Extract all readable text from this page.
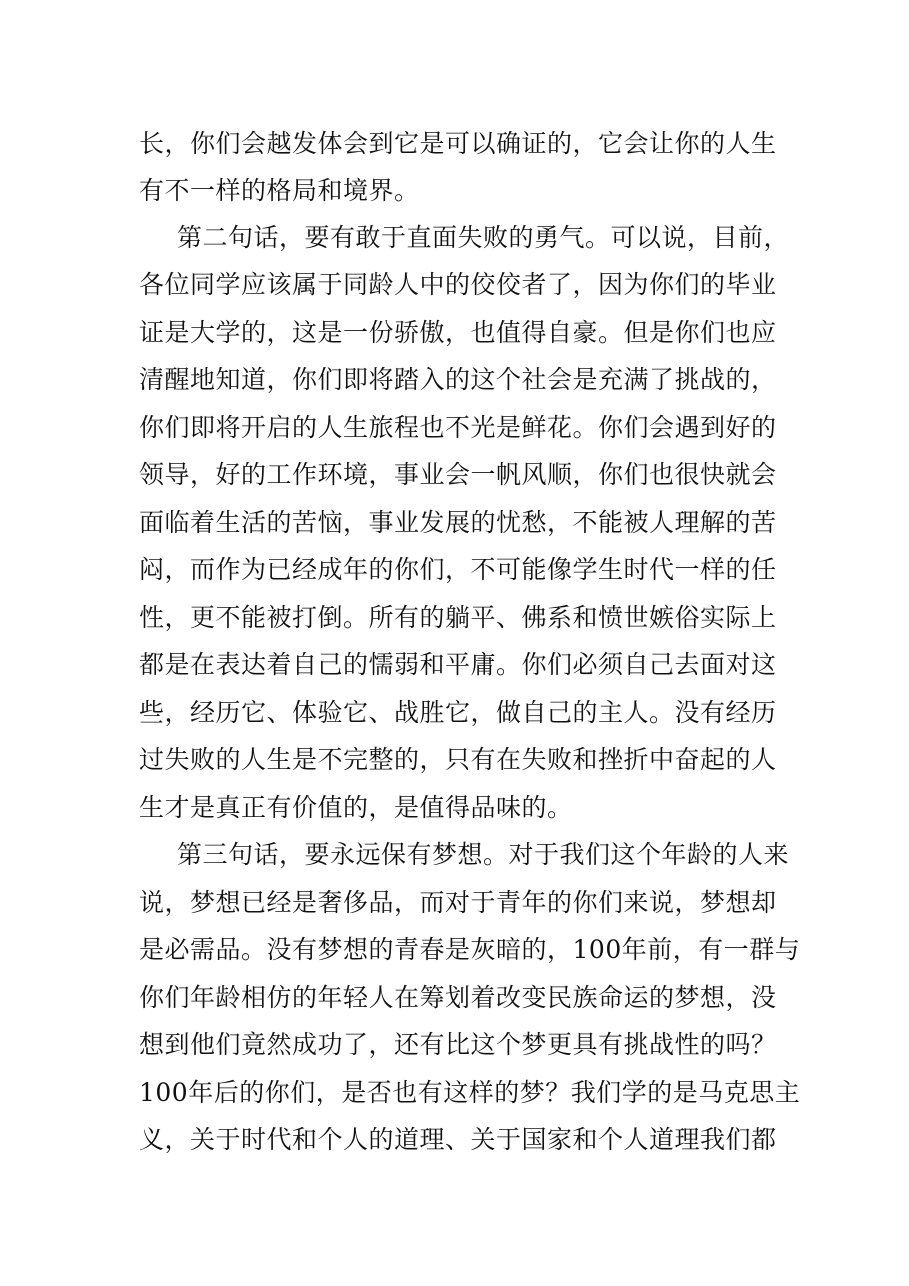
长，你们会越发体会到它是可以确证的，它会让你的人生
有不一样的格局和境界。
第二句话，要有敢于直面失败的勇气。可以说，目前，
各位同学应该属于同龄人中的佼佼者了，因为你们的毕业
证是大学的，这是一份骄傲，也值得自豪。但是你们也应
清醒地知道，你们即将踏入的这个社会是充满了挑战的，
你们即将开启的人生旅程也不光是鲜花。你们会遇到好的
领导，好的工作环境，事业会一帆风顺，你们也很快就会
面临着生活的苦恼，事业发展的忧愁，不能被人理解的苦
闷，而作为已经成年的你们，不可能像学生时代一样的任
性，更不能被打倒。所有的躺平、佛系和愤世嫉俗实际上
都是在表达着自己的懦弱和平庸。你们必须自己去面对这
些，经历它、体验它、战胜它，做自己的主人。没有经历
过失败的人生是不完整的，只有在失败和挫折中奋起的人
生才是真正有价值的，是值得品味的。
第三句话，要永远保有梦想。对于我们这个年龄的人来
说，梦想已经是奢侈品，而对于青年的你们来说，梦想却
是必需品。没有梦想的青春是灰暗的，100年前，有一群与
你们年龄相仿的年轻人在筹划着改变民族命运的梦想，没
想到他们竟然成功了，还有比这个梦更具有挑战性的吗？
100年后的你们，是否也有这样的梦？我们学的是马克思主
义，关于时代和个人的道理、关于国家和个人道理我们都
